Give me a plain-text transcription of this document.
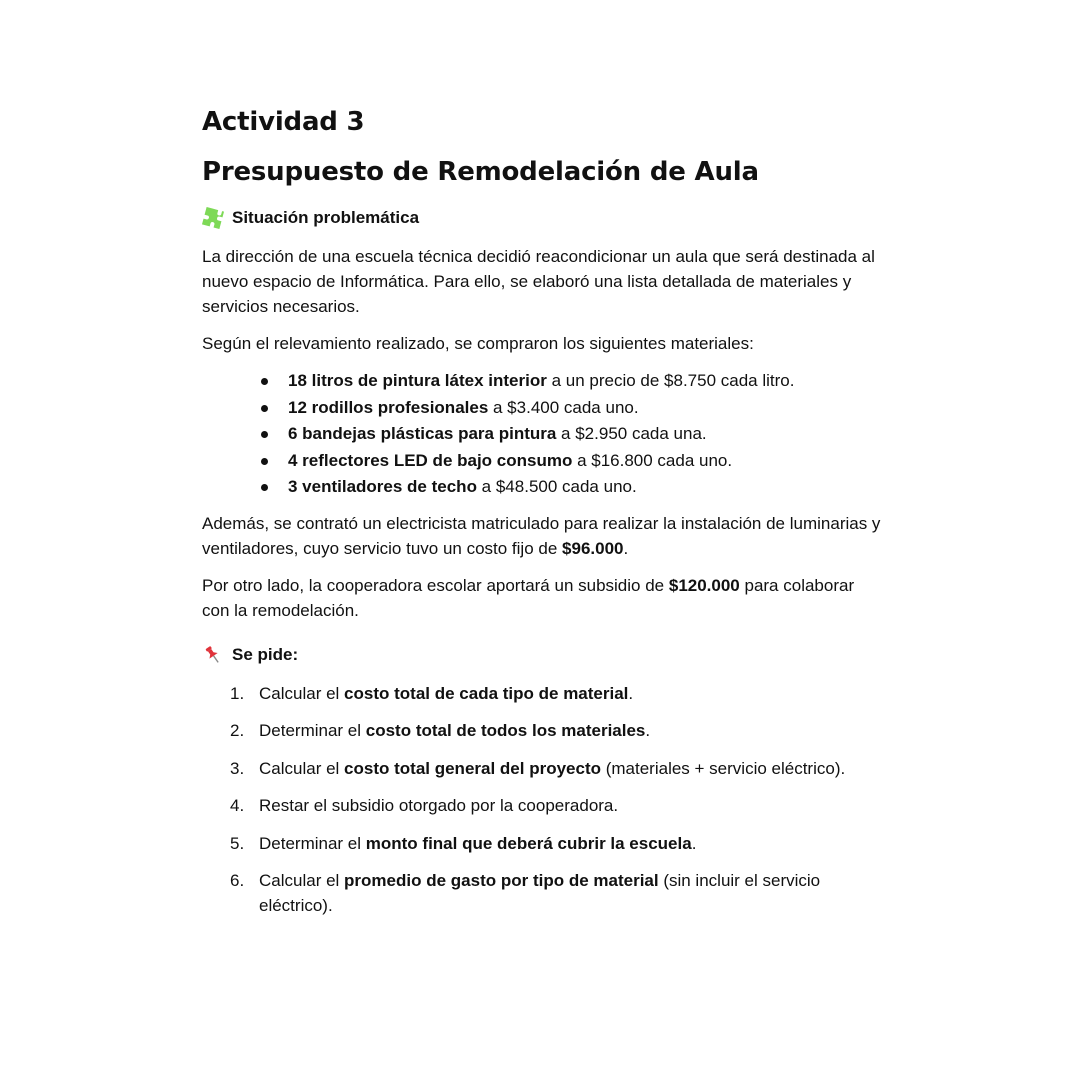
Actividad 3
Presupuesto de Remodelación de Aula
Situación problemática

La dirección de una escuela técnica decidió reacondicionar un aula que será destinada al nuevo espacio de Informática. Para ello, se elaboró una lista detallada de materiales y servicios necesarios.

Según el relevamiento realizado, se compraron los siguientes materiales:

18 litros de pintura látex interior a un precio de $8.750 cada litro.
12 rodillos profesionales a $3.400 cada uno.
6 bandejas plásticas para pintura a $2.950 cada una.
4 reflectores LED de bajo consumo a $16.800 cada uno.
3 ventiladores de techo a $48.500 cada uno.

Además, se contrató un electricista matriculado para realizar la instalación de luminarias y ventiladores, cuyo servicio tuvo un costo fijo de $96.000.

Por otro lado, la cooperadora escolar aportará un subsidio de $120.000 para colaborar con la remodelación.

Se pide:
1. Calcular el costo total de cada tipo de material.
2. Determinar el costo total de todos los materiales.
3. Calcular el costo total general del proyecto (materiales + servicio eléctrico).
4. Restar el subsidio otorgado por la cooperadora.
5. Determinar el monto final que deberá cubrir la escuela.
6. Calcular el promedio de gasto por tipo de material (sin incluir el servicio eléctrico).
